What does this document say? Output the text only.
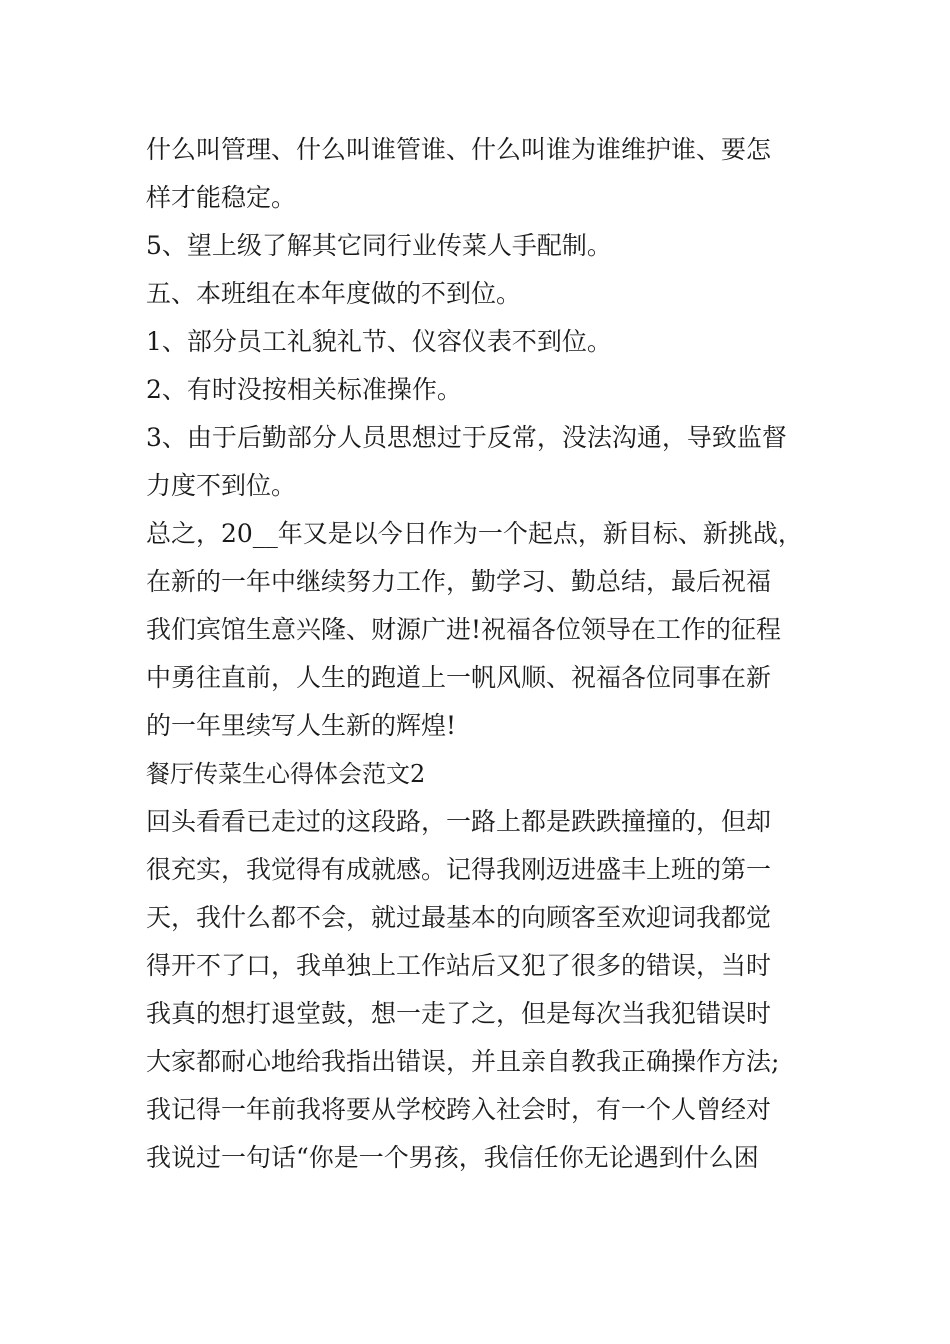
什么叫管理、什么叫谁管谁、什么叫谁为谁维护谁、要怎
样才能稳定。
5、望上级了解其它同行业传菜人手配制。
五、本班组在本年度做的不到位。
1、部分员工礼貌礼节、仪容仪表不到位。
2、有时没按相关标准操作。
3、由于后勤部分人员思想过于反常，没法沟通，导致监督
力度不到位。
总之，20__年又是以今日作为一个起点，新目标、新挑战，
在新的一年中继续努力工作，勤学习、勤总结，最后祝福
我们宾馆生意兴隆、财源广进!祝福各位领导在工作的征程
中勇往直前，人生的跑道上一帆风顺、祝福各位同事在新
的一年里续写人生新的辉煌!
餐厅传菜生心得体会范文2
回头看看已走过的这段路，一路上都是跌跌撞撞的，但却
很充实，我觉得有成就感。记得我刚迈进盛丰上班的第一
天，我什么都不会，就过最基本的向顾客至欢迎词我都觉
得开不了口，我单独上工作站后又犯了很多的错误，当时
我真的想打退堂鼓，想一走了之，但是每次当我犯错误时
大家都耐心地给我指出错误，并且亲自教我正确操作方法;
我记得一年前我将要从学校跨入社会时，有一个人曾经对
我说过一句话“你是一个男孩，我信任你无论遇到什么困
